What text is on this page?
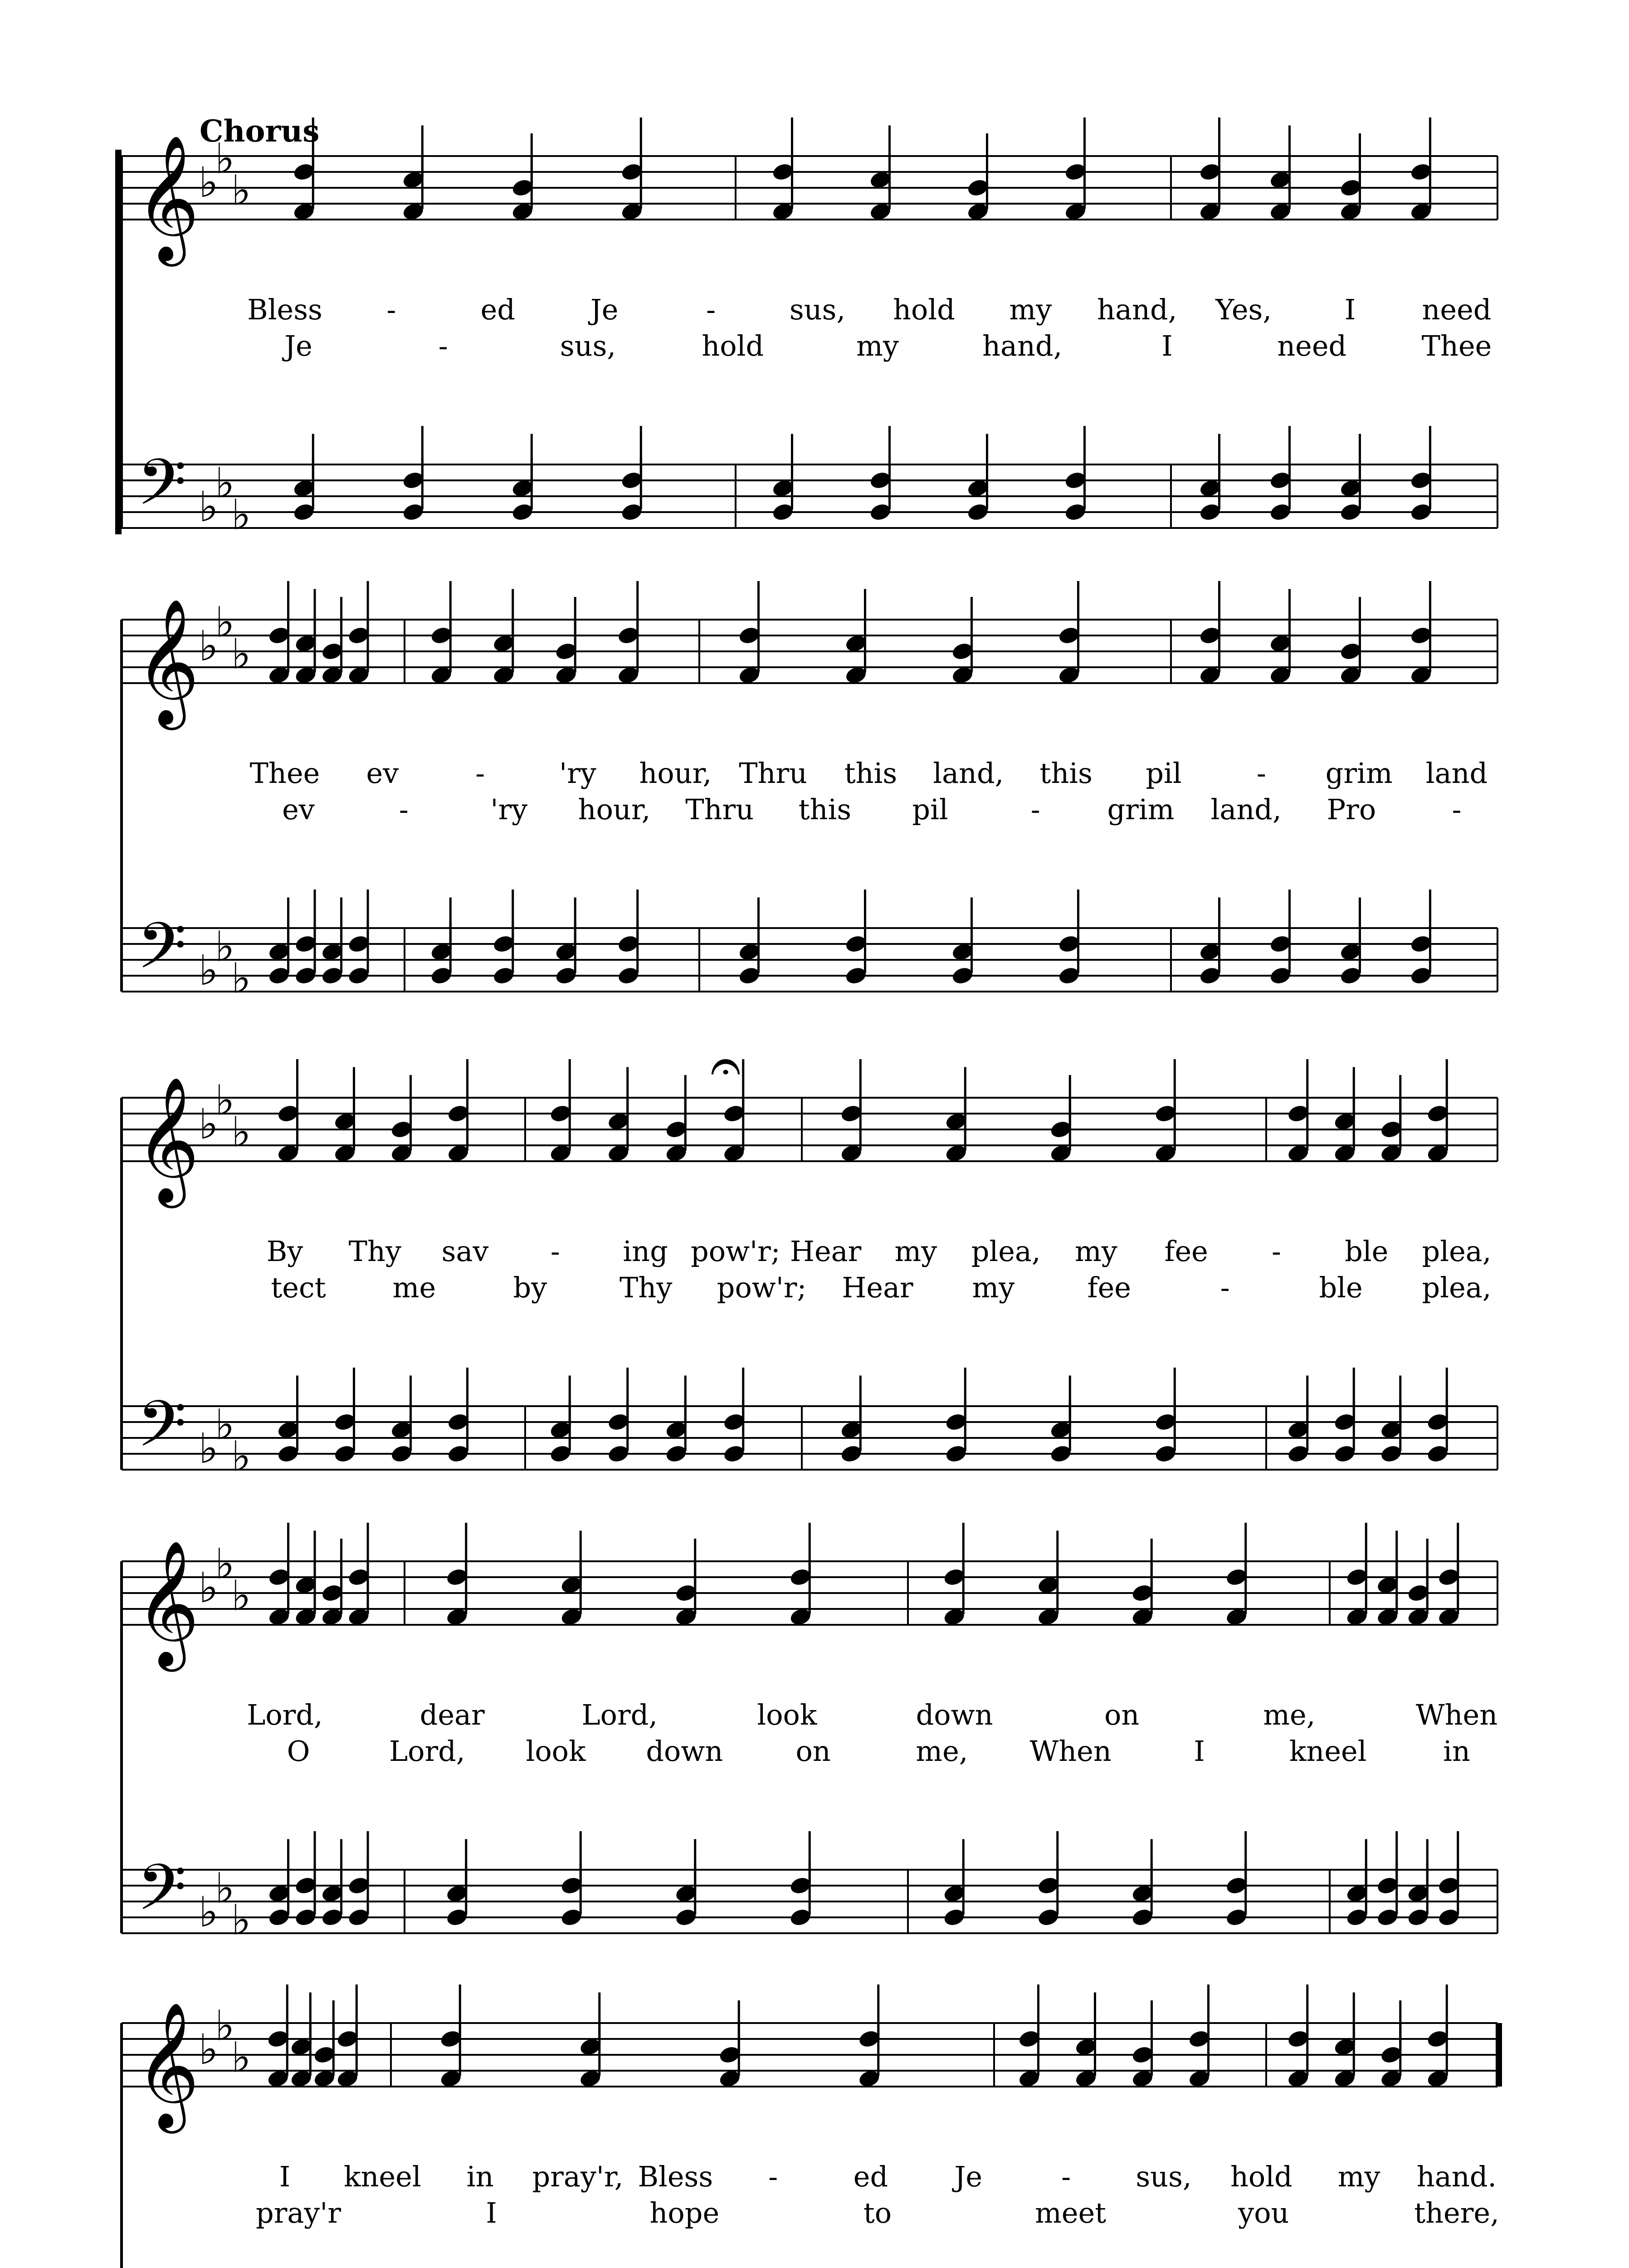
Chorus
𝄞
𝄢
♭
♭
♭
♭
♭
♭
Bless -	ed	Je	-	sus, hold my hand, Yes,	I need
Je	-	sus,	hold	my	hand,	I	need	Thee
𝄞
𝄢
♭
♭
♭
♭
♭
♭
Thee ev	-	'ry hour, Thru this land, this pil	- grim land
ev	-	'ry hour, Thru this pil	- grim land, Pro	-
𝄞
𝄢
♭
♭
♭
♭
♭
♭
𝄐
By Thy sav - ing pow'r; Hear my plea, my fee - ble plea,
tect me	by	Thy pow'r; Hear my	fee	-	ble plea,
𝄞
𝄢
♭
♭
♭
♭
♭
♭
Lord,	dear	Lord,	look	down	on	me,	When
O	Lord, look down	on	me, When	I	kneel	in
𝄞
♭
♭
♭
I kneel in pray'r, Bless -	ed Je	- sus, hold my hand.
pray'r	I	hope	to	meet	you	there,
